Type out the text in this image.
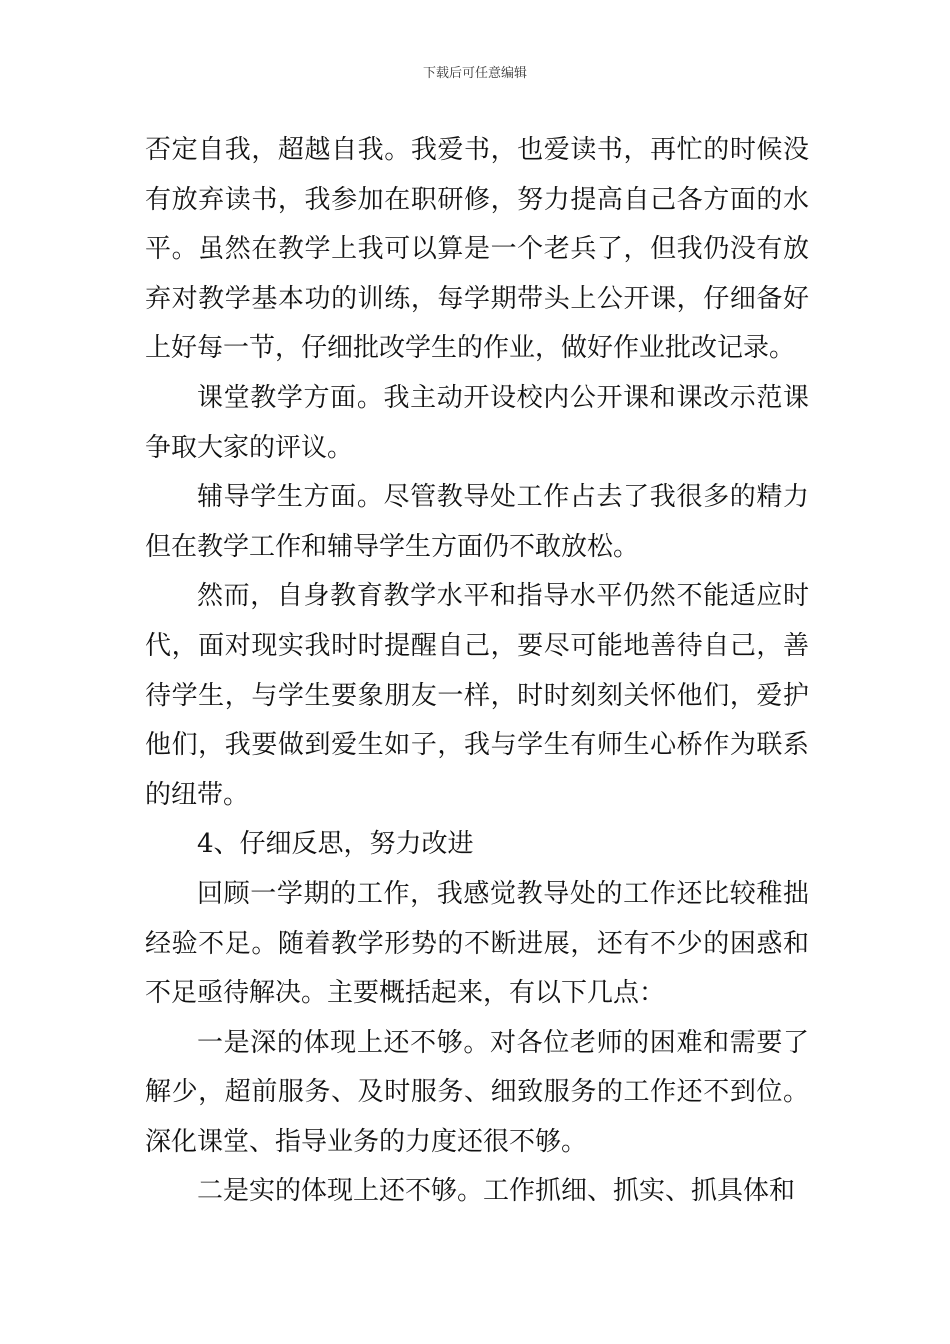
下载后可任意编辑

否定自我，超越自我。我爱书，也爱读书，再忙的时候没有放弃读书，我参加在职研修，努力提高自己各方面的水平。虽然在教学上我可以算是一个老兵了，但我仍没有放弃对教学基本功的训练，每学期带头上公开课，仔细备好上好每一节，仔细批改学生的作业，做好作业批改记录。

课堂教学方面。我主动开设校内公开课和课改示范课争取大家的评议。

辅导学生方面。尽管教导处工作占去了我很多的精力但在教学工作和辅导学生方面仍不敢放松。

然而，自身教育教学水平和指导水平仍然不能适应时代，面对现实我时时提醒自己，要尽可能地善待自己，善待学生，与学生要象朋友一样，时时刻刻关怀他们，爱护他们，我要做到爱生如子，我与学生有师生心桥作为联系的纽带。

4、仔细反思，努力改进

回顾一学期的工作，我感觉教导处的工作还比较稚拙经验不足。随着教学形势的不断进展，还有不少的困惑和不足亟待解决。主要概括起来，有以下几点：

一是深的体现上还不够。对各位老师的困难和需要了解少，超前服务、及时服务、细致服务的工作还不到位。深化课堂、指导业务的力度还很不够。

二是实的体现上还不够。工作抓细、抓实、抓具体和
